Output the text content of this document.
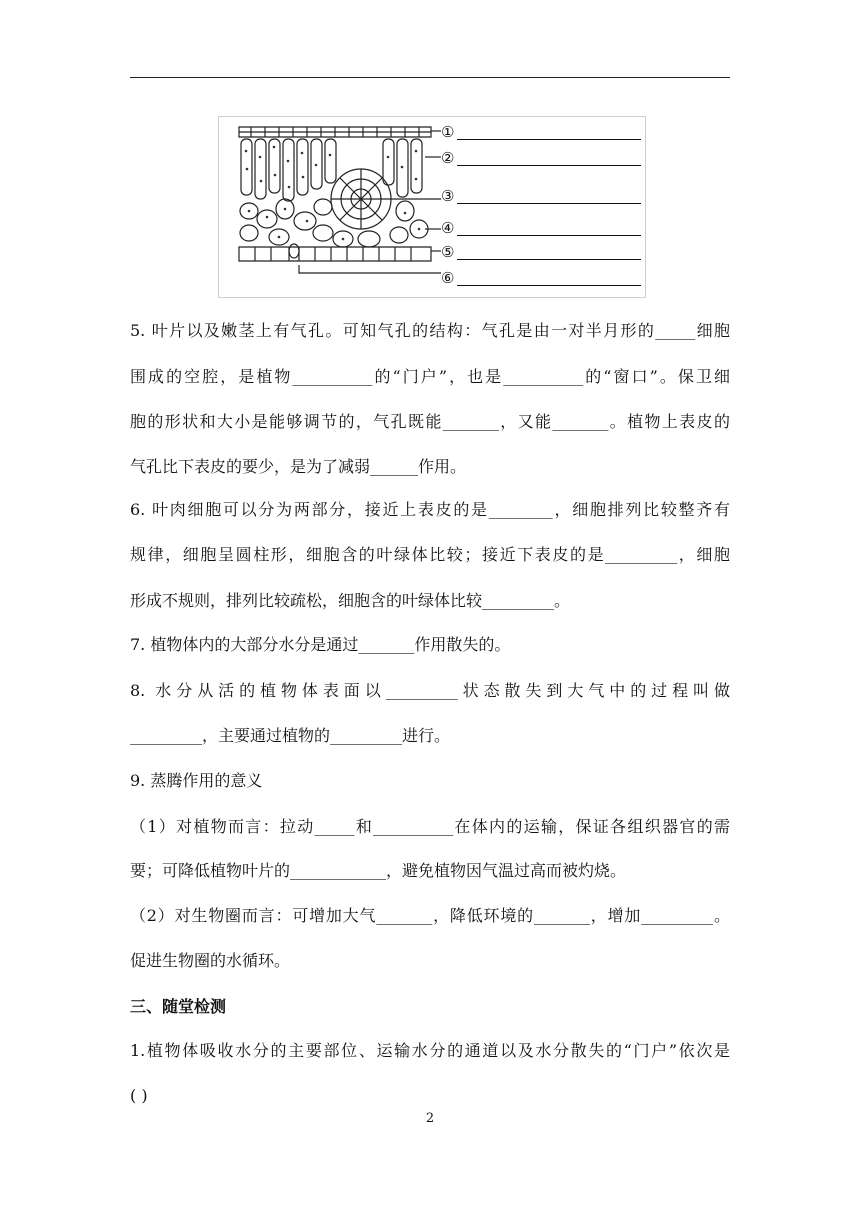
①
②
③
④
⑤
⑥
5. 叶片以及嫩茎上有气孔。可知气孔的结构：气孔是由一对半月形的_____细胞
围成的空腔，是植物__________的“门户”，也是__________的“窗口”。保卫细
胞的形状和大小是能够调节的，气孔既能_______，又能_______。植物上表皮的
气孔比下表皮的要少，是为了减弱______作用。
6. 叶肉细胞可以分为两部分，接近上表皮的是________，细胞排列比较整齐有
规律，细胞呈圆柱形，细胞含的叶绿体比较；接近下表皮的是_________，细胞
形成不规则，排列比较疏松，细胞含的叶绿体比较_________。
7. 植物体内的大部分水分是通过_______作用散失的。
8. 水分从活的植物体表面以_________状态散失到大气中的过程叫做
_________，主要通过植物的_________进行。
9. 蒸腾作用的意义
（1）对植物而言：拉动_____和__________在体内的运输，保证各组织器官的需
要；可降低植物叶片的____________，避免植物因气温过高而被灼烧。
（2）对生物圈而言：可增加大气_______，降低环境的_______，增加_________。
促进生物圈的水循环。
三、随堂检测
1.植物体吸收水分的主要部位、运输水分的通道以及水分散失的“门户”依次是
( )
2
